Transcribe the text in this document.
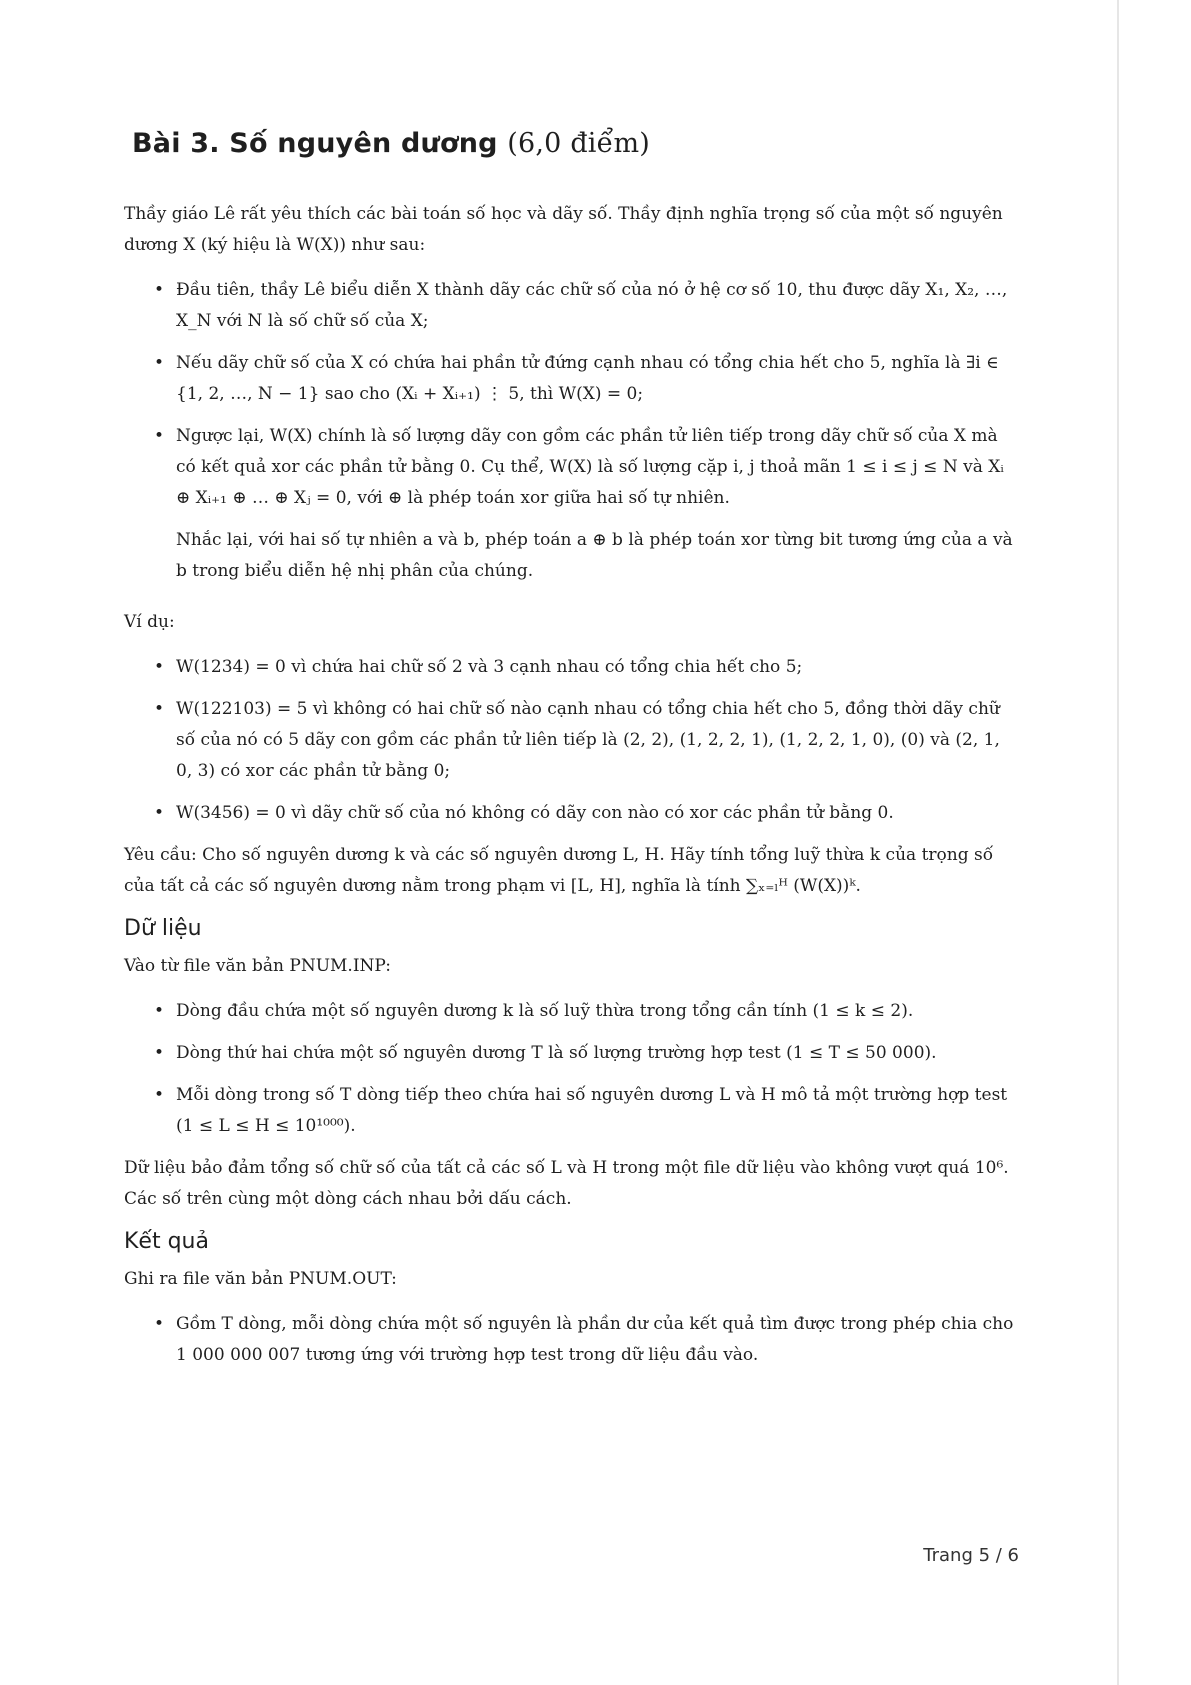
Bài 3. Số nguyên dương (6,0 điểm)

Thầy giáo Lê rất yêu thích các bài toán số học và dãy số. Thầy định nghĩa trọng số của một số nguyên dương X (ký hiệu là W(X)) như sau:

• Đầu tiên, thầy Lê biểu diễn X thành dãy các chữ số của nó ở hệ cơ số 10, thu được dãy X₁, X₂, …, X_N với N là số chữ số của X;
• Nếu dãy chữ số của X có chứa hai phần tử đứng cạnh nhau có tổng chia hết cho 5, nghĩa là ∃i ∈ {1, 2, …, N − 1} sao cho (Xᵢ + Xᵢ₊₁) ⋮ 5, thì W(X) = 0;
• Ngược lại, W(X) chính là số lượng dãy con gồm các phần tử liên tiếp trong dãy chữ số của X mà có kết quả xor các phần tử bằng 0. Cụ thể, W(X) là số lượng cặp i, j thoả mãn 1 ≤ i ≤ j ≤ N và Xᵢ ⊕ Xᵢ₊₁ ⊕ … ⊕ Xⱼ = 0, với ⊕ là phép toán xor giữa hai số tự nhiên.

Nhắc lại, với hai số tự nhiên a và b, phép toán a ⊕ b là phép toán xor từng bit tương ứng của a và b trong biểu diễn hệ nhị phân của chúng.

Ví dụ:

• W(1234) = 0 vì chứa hai chữ số 2 và 3 cạnh nhau có tổng chia hết cho 5;
• W(122103) = 5 vì không có hai chữ số nào cạnh nhau có tổng chia hết cho 5, đồng thời dãy chữ số của nó có 5 dãy con gồm các phần tử liên tiếp là (2, 2), (1, 2, 2, 1), (1, 2, 2, 1, 0), (0) và (2, 1, 0, 3) có xor các phần tử bằng 0;
• W(3456) = 0 vì dãy chữ số của nó không có dãy con nào có xor các phần tử bằng 0.

Yêu cầu: Cho số nguyên dương k và các số nguyên dương L, H. Hãy tính tổng luỹ thừa k của trọng số của tất cả các số nguyên dương nằm trong phạm vi [L, H], nghĩa là tính ∑ₓ₌ₗᴴ (W(X))ᵏ.

Dữ liệu

Vào từ file văn bản PNUM.INP:

• Dòng đầu chứa một số nguyên dương k là số luỹ thừa trong tổng cần tính (1 ≤ k ≤ 2).
• Dòng thứ hai chứa một số nguyên dương T là số lượng trường hợp test (1 ≤ T ≤ 50 000).
• Mỗi dòng trong số T dòng tiếp theo chứa hai số nguyên dương L và H mô tả một trường hợp test (1 ≤ L ≤ H ≤ 10¹⁰⁰⁰).

Dữ liệu bảo đảm tổng số chữ số của tất cả các số L và H trong một file dữ liệu vào không vượt quá 10⁶. Các số trên cùng một dòng cách nhau bởi dấu cách.

Kết quả

Ghi ra file văn bản PNUM.OUT:

• Gồm T dòng, mỗi dòng chứa một số nguyên là phần dư của kết quả tìm được trong phép chia cho 1 000 000 007 tương ứng với trường hợp test trong dữ liệu đầu vào.
Trang 5 / 6
